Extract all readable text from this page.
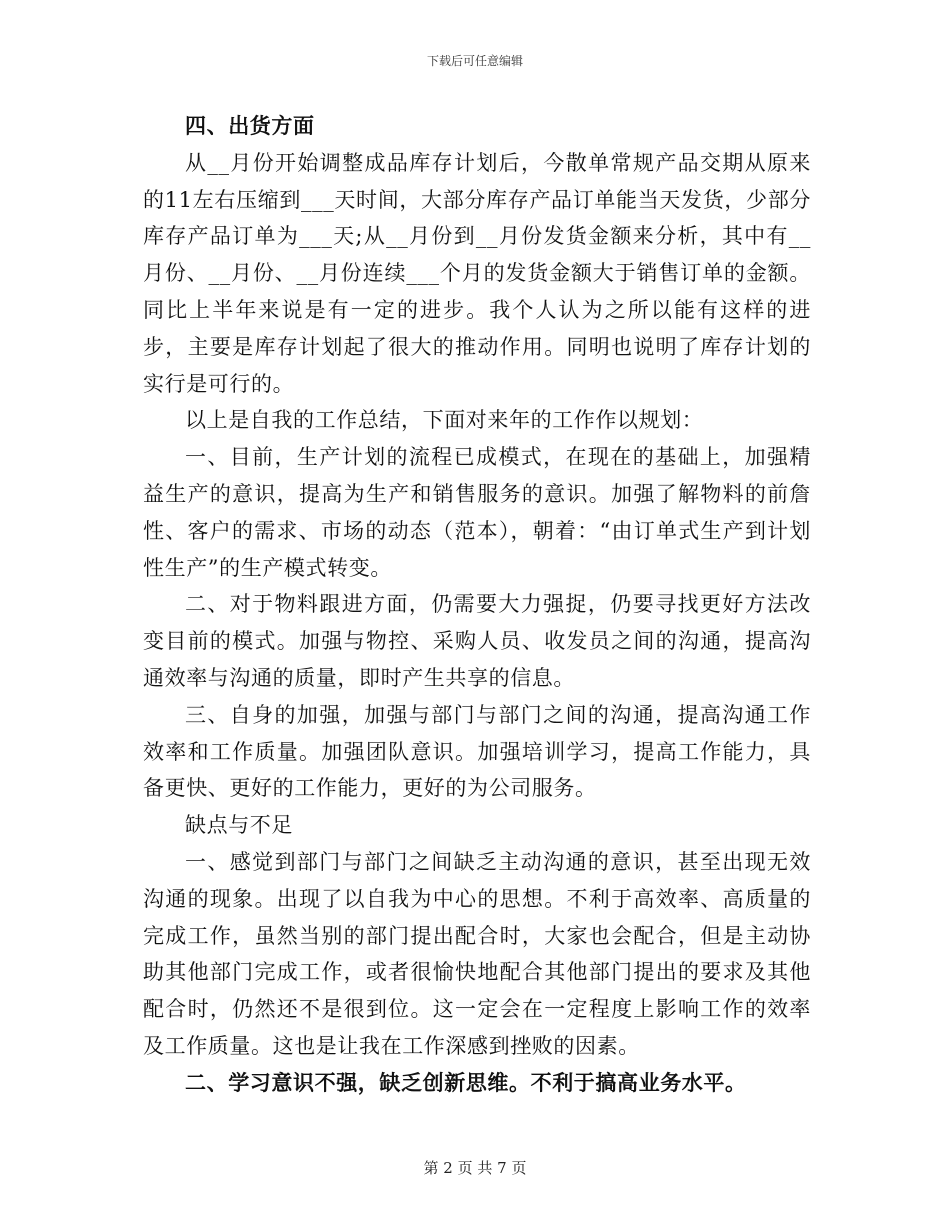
下载后可任意编辑

四、出货方面

从__月份开始调整成品库存计划后，今散单常规产品交期从原来的11左右压缩到___天时间，大部分库存产品订单能当天发货，少部分库存产品订单为___天;从__月份到__月份发货金额来分析，其中有__月份、__月份、__月份连续___个月的发货金额大于销售订单的金额。同比上半年来说是有一定的进步。我个人认为之所以能有这样的进步，主要是库存计划起了很大的推动作用。同明也说明了库存计划的实行是可行的。

以上是自我的工作总结，下面对来年的工作作以规划：

一、目前，生产计划的流程已成模式，在现在的基础上，加强精益生产的意识，提高为生产和销售服务的意识。加强了解物料的前詹性、客户的需求、市场的动态（范本），朝着：“由订单式生产到计划性生产”的生产模式转变。

二、对于物料跟进方面，仍需要大力强捉，仍要寻找更好方法改变目前的模式。加强与物控、采购人员、收发员之间的沟通，提高沟通效率与沟通的质量，即时产生共享的信息。

三、自身的加强，加强与部门与部门之间的沟通，提高沟通工作效率和工作质量。加强团队意识。加强培训学习，提高工作能力，具备更快、更好的工作能力，更好的为公司服务。

缺点与不足

一、感觉到部门与部门之间缺乏主动沟通的意识，甚至出现无效沟通的现象。出现了以自我为中心的思想。不利于高效率、高质量的完成工作，虽然当别的部门提出配合时，大家也会配合，但是主动协助其他部门完成工作，或者很愉快地配合其他部门提出的要求及其他配合时，仍然还不是很到位。这一定会在一定程度上影响工作的效率及工作质量。这也是让我在工作深感到挫败的因素。

二、学习意识不强，缺乏创新思维。不利于搞高业务水平。

第 2 页 共 7 页
